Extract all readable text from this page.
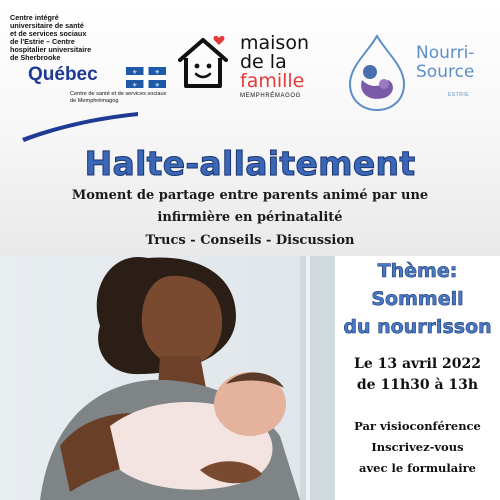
Centre intégré
universitaire de santé
et de services sociaux
de l'Estrie – Centre
hospitalier universitaire
de Sherbrooke
Québec	⚜	⚜
⚜	⚜
Centre de santé et de services sociaux
de Memphrémagog
maison
de la
famille
MEMPHRÉMAGOG
Nourri-
Source
ESTRIE
Halte-allaitement
Moment de partage entre parents animé par une
infirmière en périnatalité
Trucs - Conseils - Discussion
Thème:
Sommeil
du nourrisson
Le 13 avril 2022
de 11h30 à 13h
Par visioconférence
Inscrivez-vous
avec le formulaire
